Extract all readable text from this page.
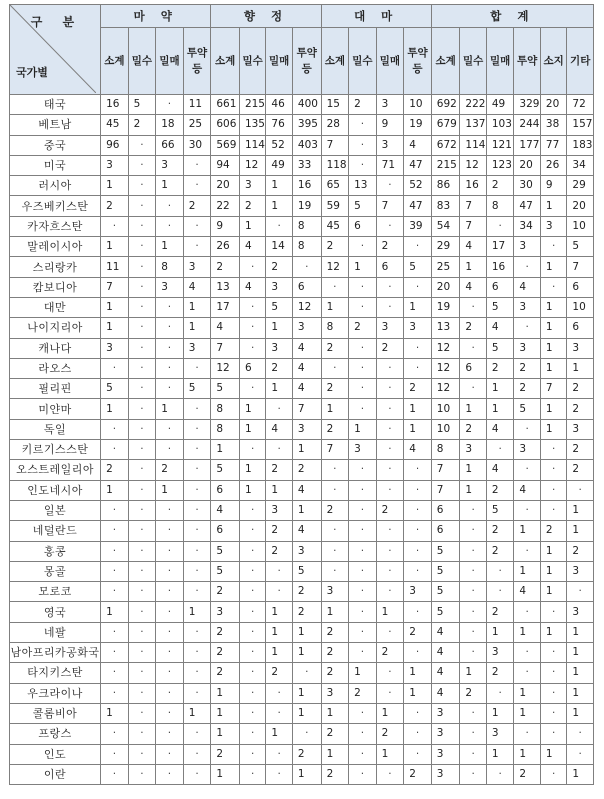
구 분
국가별	마 약				향 정				대 마				합 계					
	소계	밀수	밀매	투약등	소계	밀수	밀매	투약등	소계	밀수	밀매	투약등	소계	밀수	밀매	투약	소지	기타
태국	16	5	·	11	661	215	46	400	15	2	3	10	692	222	49	329	20	72
베트남	45	2	18	25	606	135	76	395	28	·	9	19	679	137	103	244	38	157
중국	96	·	66	30	569	114	52	403	7	·	3	4	672	114	121	177	77	183
미국	3	·	3	·	94	12	49	33	118	·	71	47	215	12	123	20	26	34
러시아	1	·	1	·	20	3	1	16	65	13	·	52	86	16	2	30	9	29
우즈베키스탄	2	·	·	2	22	2	1	19	59	5	7	47	83	7	8	47	1	20
카자흐스탄	·	·	·	·	9	1	·	8	45	6	·	39	54	7	·	34	3	10
말레이시아	1	·	1	·	26	4	14	8	2	·	2	·	29	4	17	3	·	5
스리랑카	11	·	8	3	2	·	2	·	12	1	6	5	25	1	16	·	1	7
캄보디아	7	·	3	4	13	4	3	6	·	·	·	·	20	4	6	4	·	6
대만	1	·	·	1	17	·	5	12	1	·	·	1	19	·	5	3	1	10
나이지리아	1	·	·	1	4	·	1	3	8	2	3	3	13	2	4	·	1	6
캐나다	3	·	·	3	7	·	3	4	2	·	2	·	12	·	5	3	1	3
라오스	·	·	·	·	12	6	2	4	·	·	·	·	12	6	2	2	1	1
필리핀	5	·	·	5	5	·	1	4	2	·	·	2	12	·	1	2	7	2
미얀마	1	·	1	·	8	1	·	7	1	·	·	1	10	1	1	5	1	2
독일	·	·	·	·	8	1	4	3	2	1	·	1	10	2	4	·	1	3
키르기스스탄	·	·	·	·	1	·	·	1	7	3	·	4	8	3	·	3	·	2
오스트레일리아	2	·	2	·	5	1	2	2	·	·	·	·	7	1	4	·	·	2
인도네시아	1	·	1	·	6	1	1	4	·	·	·	·	7	1	2	4	·	·
일본	·	·	·	·	4	·	3	1	2	·	2	·	6	·	5	·	·	1
네덜란드	·	·	·	·	6	·	2	4	·	·	·	·	6	·	2	1	2	1
홍콩	·	·	·	·	5	·	2	3	·	·	·	·	5	·	2	·	1	2
몽골	·	·	·	·	5	·	·	5	·	·	·	·	5	·	·	1	1	3
모로코	·	·	·	·	2	·	·	2	3	·	·	3	5	·	·	4	1	·
영국	1	·	·	1	3	·	1	2	1	·	1	·	5	·	2	·	·	3
네팔	·	·	·	·	2	·	1	1	2	·	·	2	4	·	1	1	1	1
남아프리카공화국	·	·	·	·	2	·	1	1	2	·	2	·	4	·	3	·	·	1
타지키스탄	·	·	·	·	2	·	2	·	2	1	·	1	4	1	2	·	·	1
우크라이나	·	·	·	·	1	·	·	1	3	2	·	1	4	2	·	1	·	1
콜롬비아	1	·	·	1	1	·	·	1	1	·	1	·	3	·	1	1	·	1
프랑스	·	·	·	·	1	·	1	·	2	·	2	·	3	·	3	·	·	·
인도	·	·	·	·	2	·	·	2	1	·	1	·	3	·	1	1	1	·
이란	·	·	·	·	1	·	·	1	2	·	·	2	3	·	·	2	·	1
